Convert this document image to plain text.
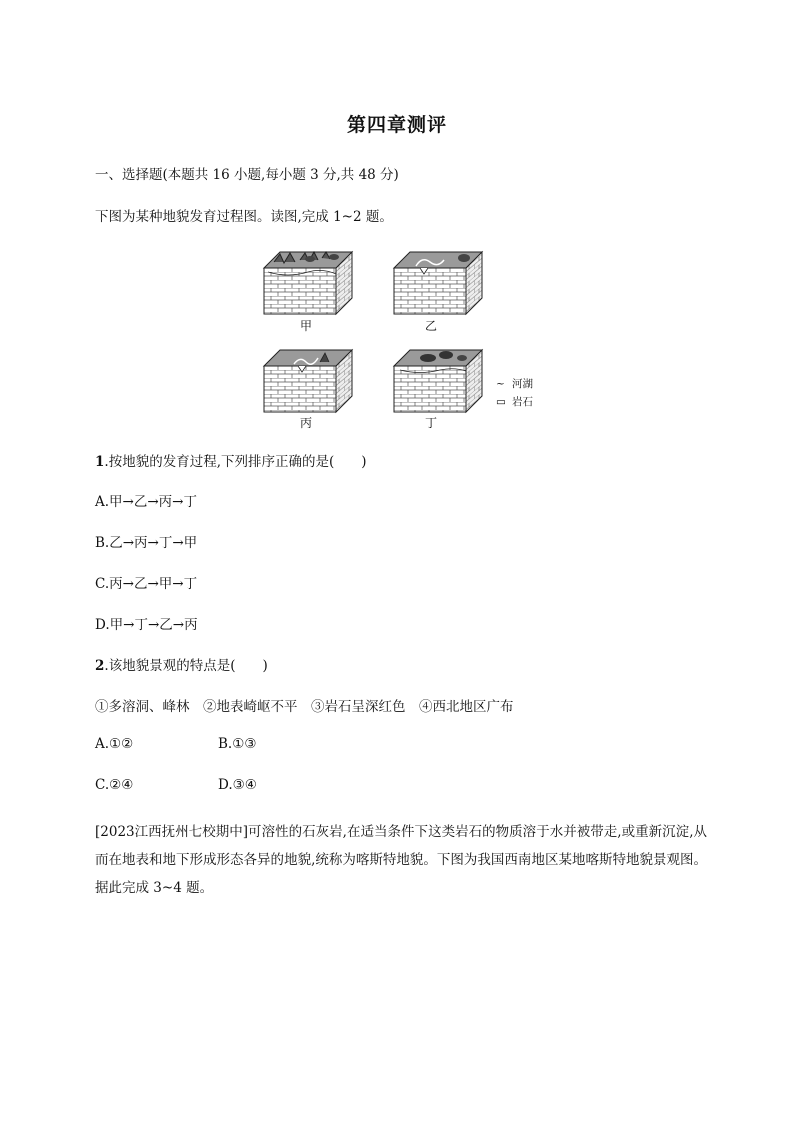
第四章测评
一、选择题(本题共 16 小题,每小题 3 分,共 48 分)
下图为某种地貌发育过程图。读图,完成 1~2 题。
甲	乙
丙	丁
~ 河湖
▭ 岩石
1.按地貌的发育过程,下列排序正确的是(　　)
A.甲→乙→丙→丁
B.乙→丙→丁→甲
C.丙→乙→甲→丁
D.甲→丁→乙→丙
2.该地貌景观的特点是(　　)
①多溶洞、峰林　②地表崎岖不平　③岩石呈深红色　④西北地区广布
A.①②	B.①③
C.②④	D.③④
[2023江西抚州七校期中]可溶性的石灰岩,在适当条件下这类岩石的物质溶于水并被带走,或重新沉淀,从而在地表和地下形成形态各异的地貌,统称为喀斯特地貌。下图为我国西南地区某地喀斯特地貌景观图。据此完成 3~4 题。
